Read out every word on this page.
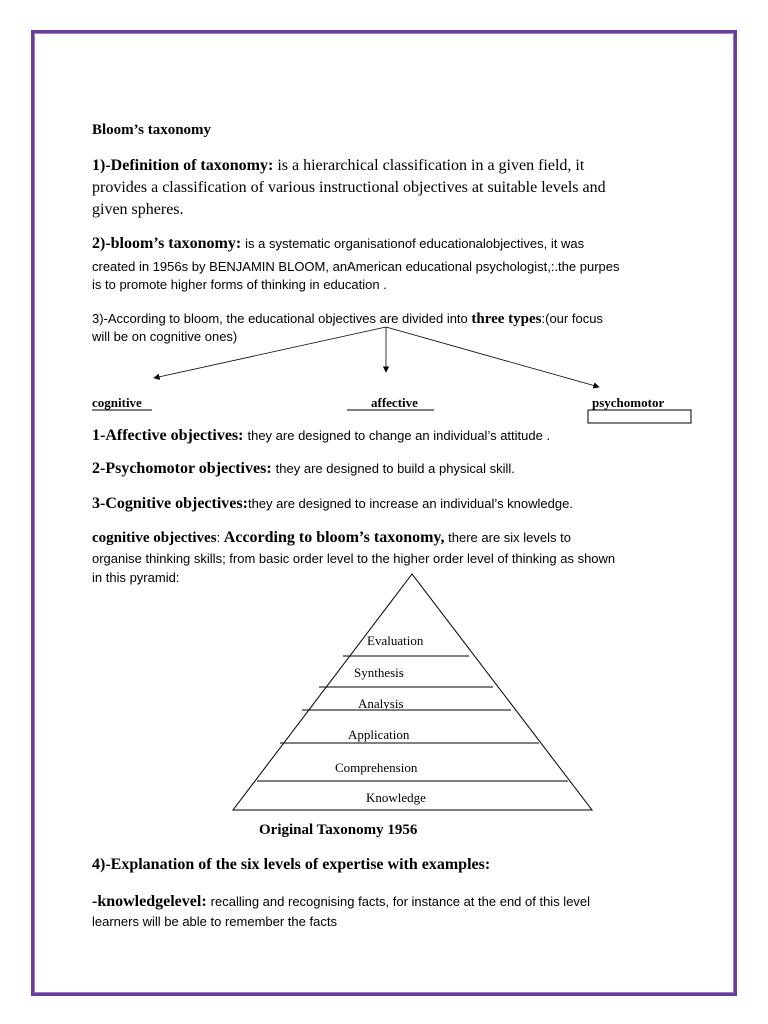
Bloom’s taxonomy
1)-Definition of taxonomy: is a hierarchical classification in a given field, it
provides a classification of various instructional objectives at suitable levels and
given spheres.
2)-bloom’s taxonomy: is a systematic organisationof educationalobjectives, it was
created in 1956s by BENJAMIN BLOOM, anAmerican educational psychologist,:.the purpes
is to promote higher forms of thinking in education .
3)-According to bloom, the educational objectives are divided into three types:(our focus
will be on cognitive ones)
cognitive	affective	psychomotor
1-Affective objectives: they are designed to change an individual’s attitude .
2-Psychomotor objectives: they are designed to build a physical skill.
3-Cognitive objectives:they are designed to increase an individual’s knowledge.
cognitive objectives: According to bloom’s taxonomy, there are six levels to
organise thinking skills; from basic order level to the higher order level of thinking as shown
in this pyramid:
Evaluation
Synthesis
Analysis
Application
Comprehension
Knowledge
Original Taxonomy 1956
4)-Explanation of the six levels of expertise with examples:
-knowledgelevel: recalling and recognising facts, for instance at the end of this level
learners will be able to remember the facts
